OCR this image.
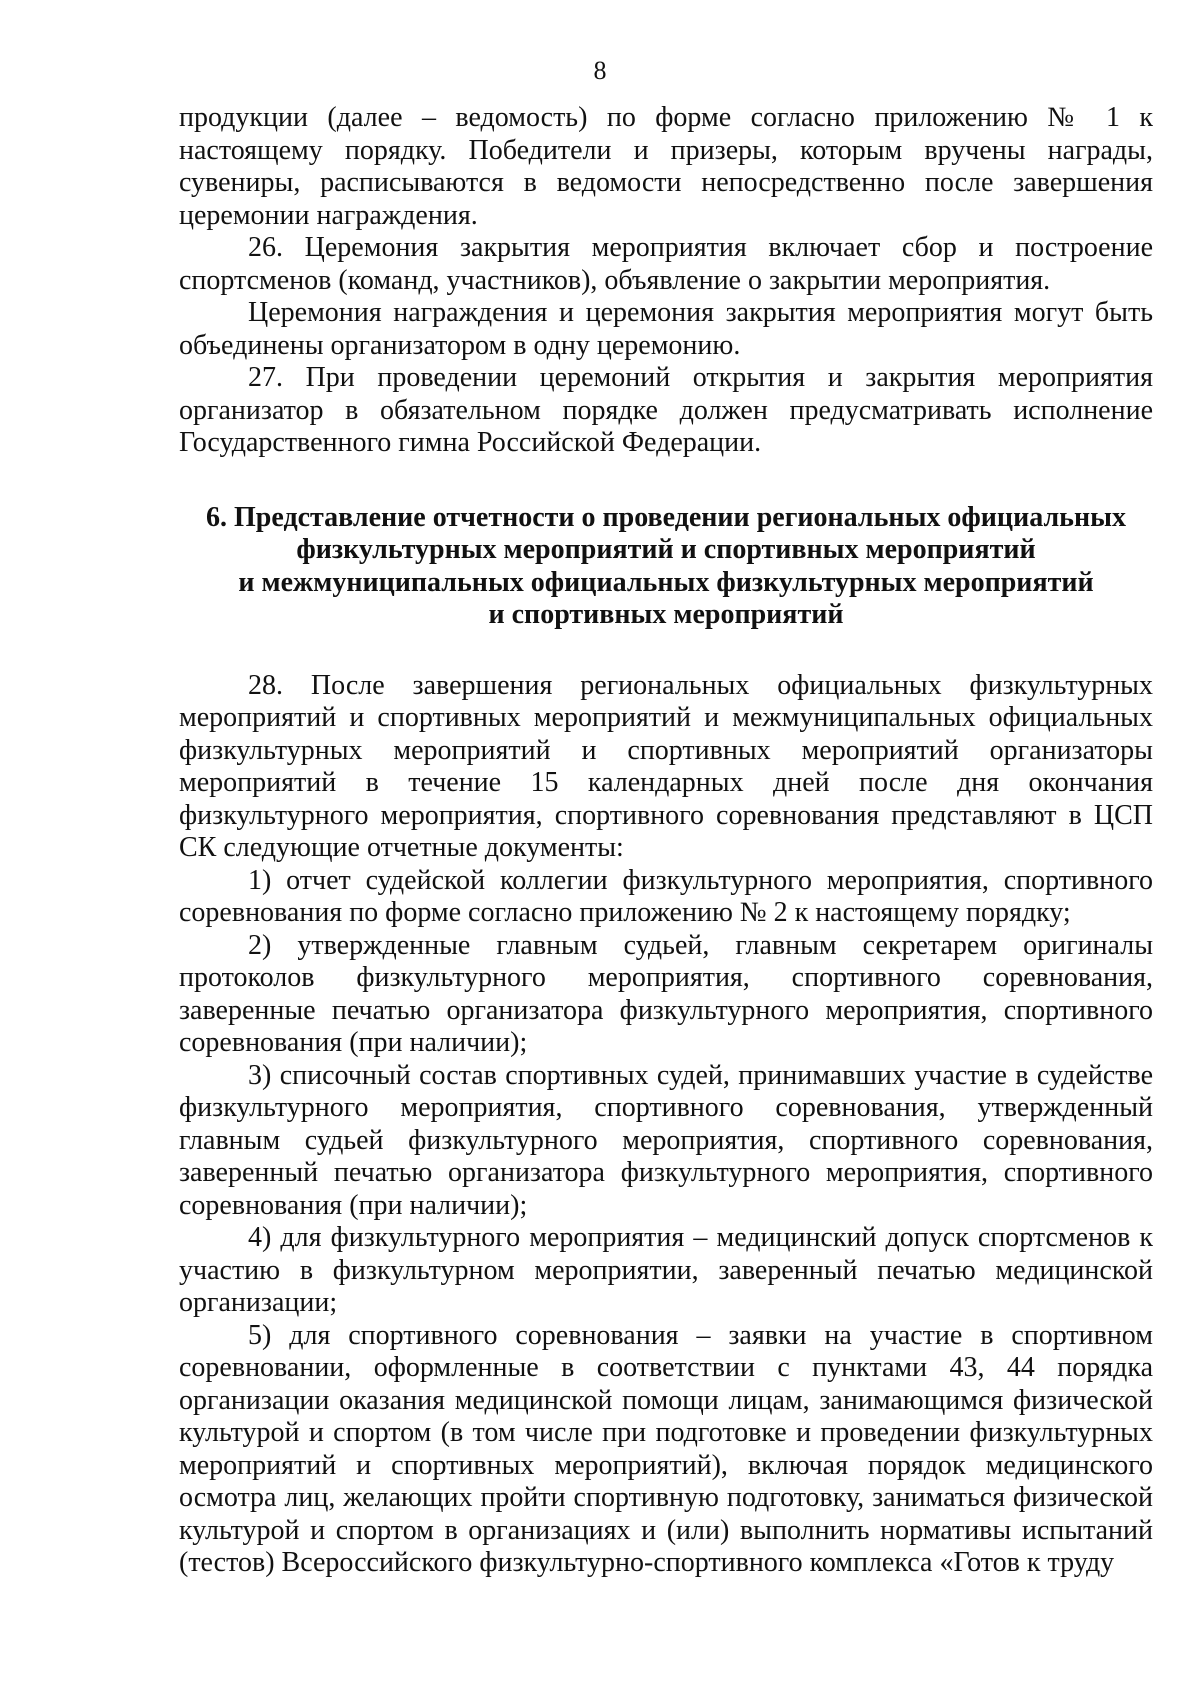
8

продукции (далее – ведомость) по форме согласно приложению № 1 к настоящему порядку. Победители и призеры, которым вручены награды, сувениры, расписываются в ведомости непосредственно после завершения церемонии награждения.

26. Церемония закрытия мероприятия включает сбор и построение спортсменов (команд, участников), объявление о закрытии мероприятия.

Церемония награждения и церемония закрытия мероприятия могут быть объединены организатором в одну церемонию.

27. При проведении церемоний открытия и закрытия мероприятия организатор в обязательном порядке должен предусматривать исполнение Государственного гимна Российской Федерации.

6. Представление отчетности о проведении региональных официальных
физкультурных мероприятий и спортивных мероприятий
и межмуниципальных официальных физкультурных мероприятий
и спортивных мероприятий

28. После завершения региональных официальных физкультурных мероприятий и спортивных мероприятий и межмуниципальных официальных физкультурных мероприятий и спортивных мероприятий организаторы мероприятий в течение 15 календарных дней после дня окончания физкультурного мероприятия, спортивного соревнования представляют в ЦСП СК следующие отчетные документы:

1) отчет судейской коллегии физкультурного мероприятия, спортивного соревнования по форме согласно приложению № 2 к настоящему порядку;

2) утвержденные главным судьей, главным секретарем оригиналы протоколов физкультурного мероприятия, спортивного соревнования, заверенные печатью организатора физкультурного мероприятия, спортивного соревнования (при наличии);

3) списочный состав спортивных судей, принимавших участие в судействе физкультурного мероприятия, спортивного соревнования, утвержденный главным судьей физкультурного мероприятия, спортивного соревнования, заверенный печатью организатора физкультурного мероприятия, спортивного соревнования (при наличии);

4) для физкультурного мероприятия – медицинский допуск спортсменов к участию в физкультурном мероприятии, заверенный печатью медицинской организации;

5) для спортивного соревнования – заявки на участие в спортивном соревновании, оформленные в соответствии с пунктами 43, 44 порядка организации оказания медицинской помощи лицам, занимающимся физической культурой и спортом (в том числе при подготовке и проведении физкультурных мероприятий и спортивных мероприятий), включая порядок медицинского осмотра лиц, желающих пройти спортивную подготовку, заниматься физической культурой и спортом в организациях и (или) выполнить нормативы испытаний (тестов) Всероссийского физкультурно-спортивного комплекса «Готов к труду
